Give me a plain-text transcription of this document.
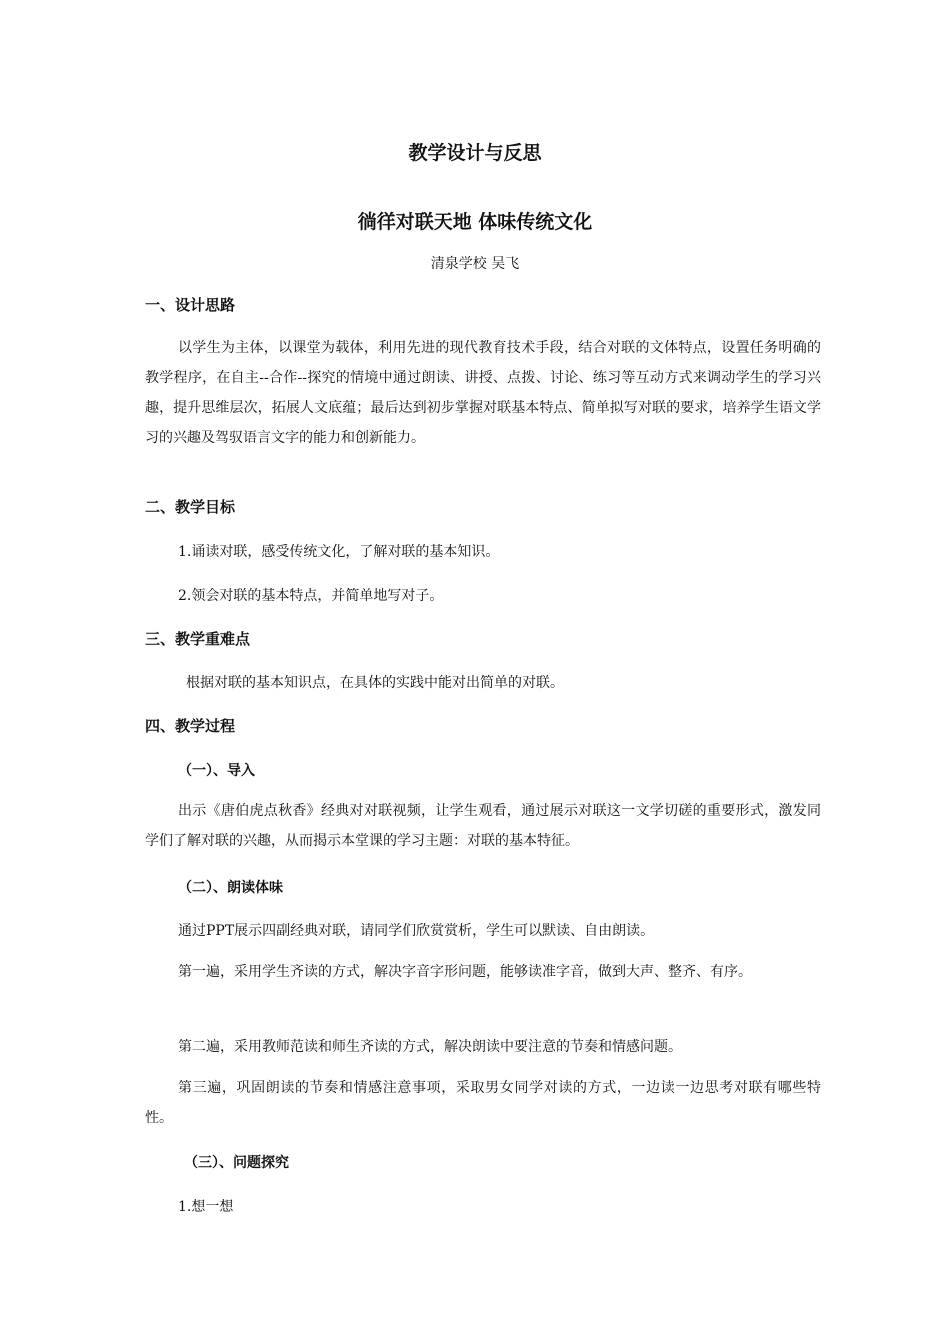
教学设计与反思
徜徉对联天地 体味传统文化
清泉学校 吴飞
一、设计思路
以学生为主体，以课堂为载体，利用先进的现代教育技术手段，结合对联的文体特点，设置任务明确的教学程序，在自主--合作--探究的情境中通过朗读、讲授、点拨、讨论、练习等互动方式来调动学生的学习兴趣，提升思维层次，拓展人文底蕴；最后达到初步掌握对联基本特点、简单拟写对联的要求，培养学生语文学习的兴趣及驾驭语言文字的能力和创新能力。
二、教学目标
1.诵读对联，感受传统文化，了解对联的基本知识。
2.领会对联的基本特点，并简单地写对子。
三、教学重难点
根据对联的基本知识点，在具体的实践中能对出简单的对联。
四、教学过程
（一）、导入
出示《唐伯虎点秋香》经典对对联视频，让学生观看，通过展示对联这一文学切磋的重要形式，激发同学们了解对联的兴趣，从而揭示本堂课的学习主题：对联的基本特征。
（二）、朗读体味
通过PPT展示四副经典对联，请同学们欣赏赏析，学生可以默读、自由朗读。
第一遍，采用学生齐读的方式，解决字音字形问题，能够读准字音，做到大声、整齐、有序。
第二遍，采用教师范读和师生齐读的方式，解决朗读中要注意的节奏和情感问题。
第三遍，巩固朗读的节奏和情感注意事项，采取男女同学对读的方式，一边读一边思考对联有哪些特性。
（三）、问题探究
1.想一想
